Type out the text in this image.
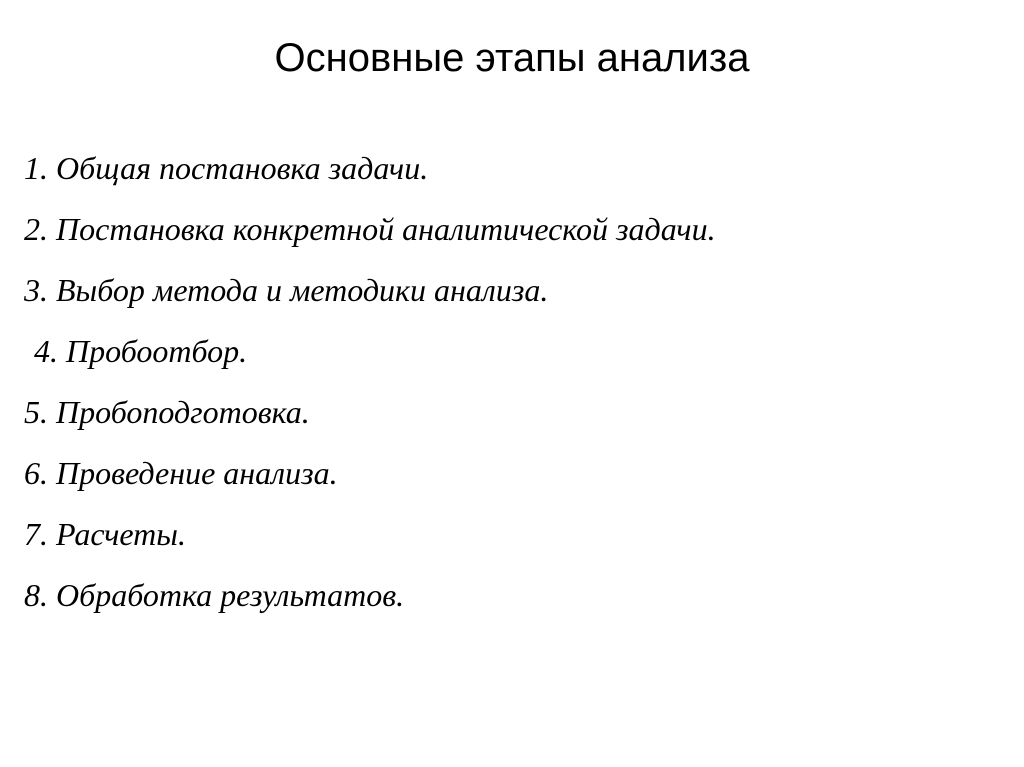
Основные этапы анализа
1. Общая постановка задачи.
2. Постановка конкретной аналитической задачи.
3. Выбор метода и методики анализа.
4. Пробоотбор.
5. Пробоподготовка.
6. Проведение анализа.
7. Расчеты.
8. Обработка результатов.
